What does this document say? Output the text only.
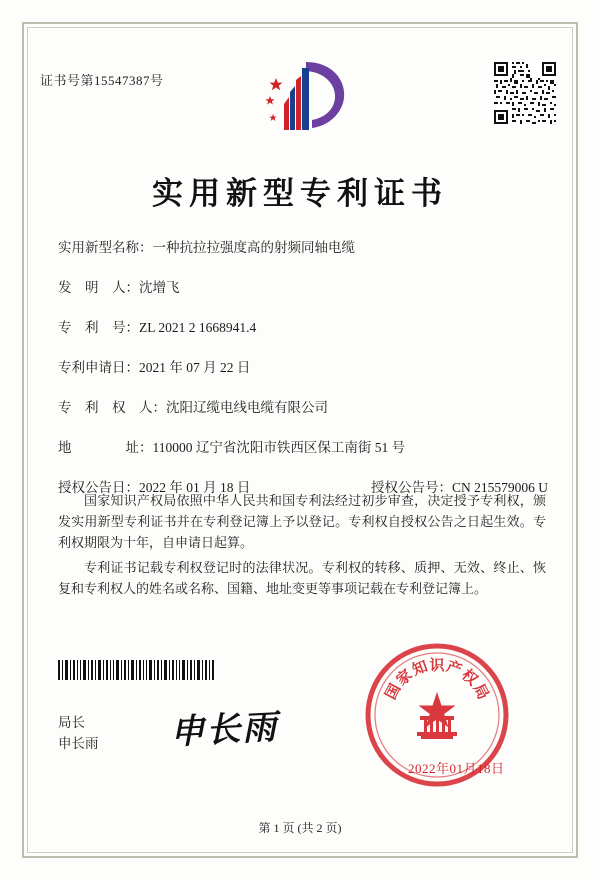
证书号第15547387号
实用新型专利证书
实用新型名称： 一种抗拉拉强度高的射频同轴电缆
发　明　人： 沈增飞
专　利　号： ZL 2021 2 1668941.4
专利申请日： 2021 年 07 月 22 日
专　利　权　人： 沈阳辽缆电线电缆有限公司
地　　　　址： 110000 辽宁省沈阳市铁西区保工南街 51 号
授权公告日： 2022 年 01 月 18 日	授权公告号： CN 215579006 U
国家知识产权局依照中华人民共和国专利法经过初步审查，决定授予专利权，颁发实用新型专利证书并在专利登记簿上予以登记。专利权自授权公告之日起生效。专利权期限为十年，自申请日起算。
专利证书记载专利权登记时的法律状况。专利权的转移、质押、无效、终止、恢复和专利权人的姓名或名称、国籍、地址变更等事项记载在专利登记簿上。
局长
申长雨 申长雨
国
家
知 识 产
权
局
2022年01月18日
第 1 页 (共 2 页)
